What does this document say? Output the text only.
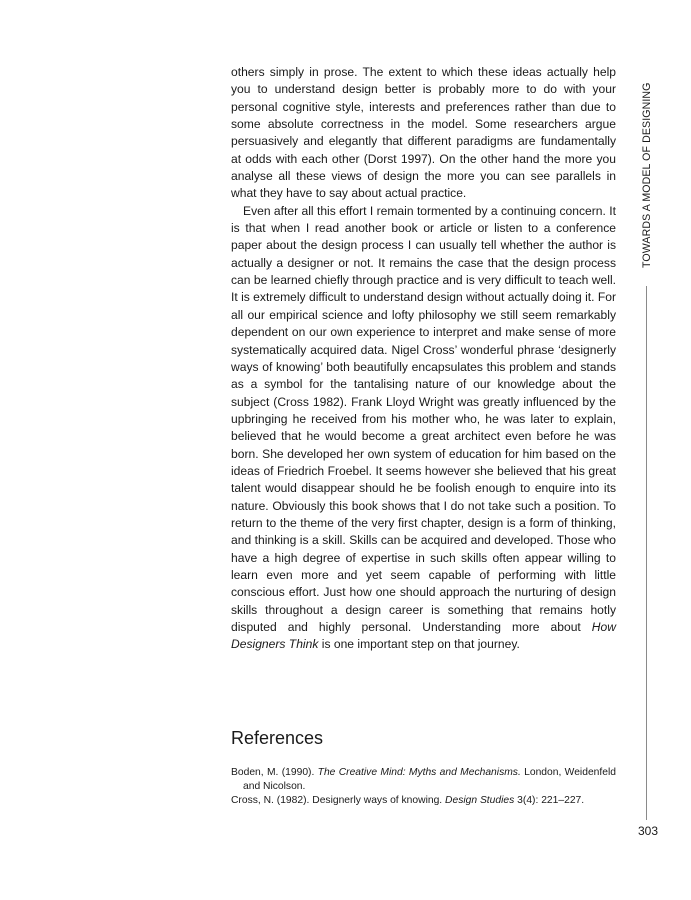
others simply in prose. The extent to which these ideas actually help you to understand design better is probably more to do with your personal cognitive style, interests and preferences rather than due to some absolute correctness in the model. Some researchers argue persuasively and elegantly that different paradigms are fundamentally at odds with each other (Dorst 1997). On the other hand the more you analyse all these views of design the more you can see parallels in what they have to say about actual practice.

Even after all this effort I remain tormented by a continuing concern. It is that when I read another book or article or listen to a conference paper about the design process I can usually tell whether the author is actually a designer or not. It remains the case that the design process can be learned chiefly through practice and is very difficult to teach well. It is extremely difficult to understand design without actually doing it. For all our empirical science and lofty philosophy we still seem remarkably dependent on our own experience to interpret and make sense of more systematically acquired data. Nigel Cross’ wonderful phrase ‘designerly ways of knowing’ both beautifully encapsulates this problem and stands as a symbol for the tantalising nature of our knowledge about the subject (Cross 1982). Frank Lloyd Wright was greatly influenced by the upbringing he received from his mother who, he was later to explain, believed that he would become a great architect even before he was born. She developed her own system of education for him based on the ideas of Friedrich Froebel. It seems however she believed that his great talent would disappear should he be foolish enough to enquire into its nature. Obviously this book shows that I do not take such a position. To return to the theme of the very first chapter, design is a form of thinking, and thinking is a skill. Skills can be acquired and developed. Those who have a high degree of expertise in such skills often appear willing to learn even more and yet seem capable of performing with little conscious effort. Just how one should approach the nurturing of design skills throughout a design career is something that remains hotly disputed and highly personal. Understanding more about How Designers Think is one important step on that journey.

References
Boden, M. (1990). The Creative Mind: Myths and Mechanisms. London, Weidenfeld and Nicolson.
Cross, N. (1982). Designerly ways of knowing. Design Studies 3(4): 221–227.
TOWARDS A MODEL OF DESIGNING
303
